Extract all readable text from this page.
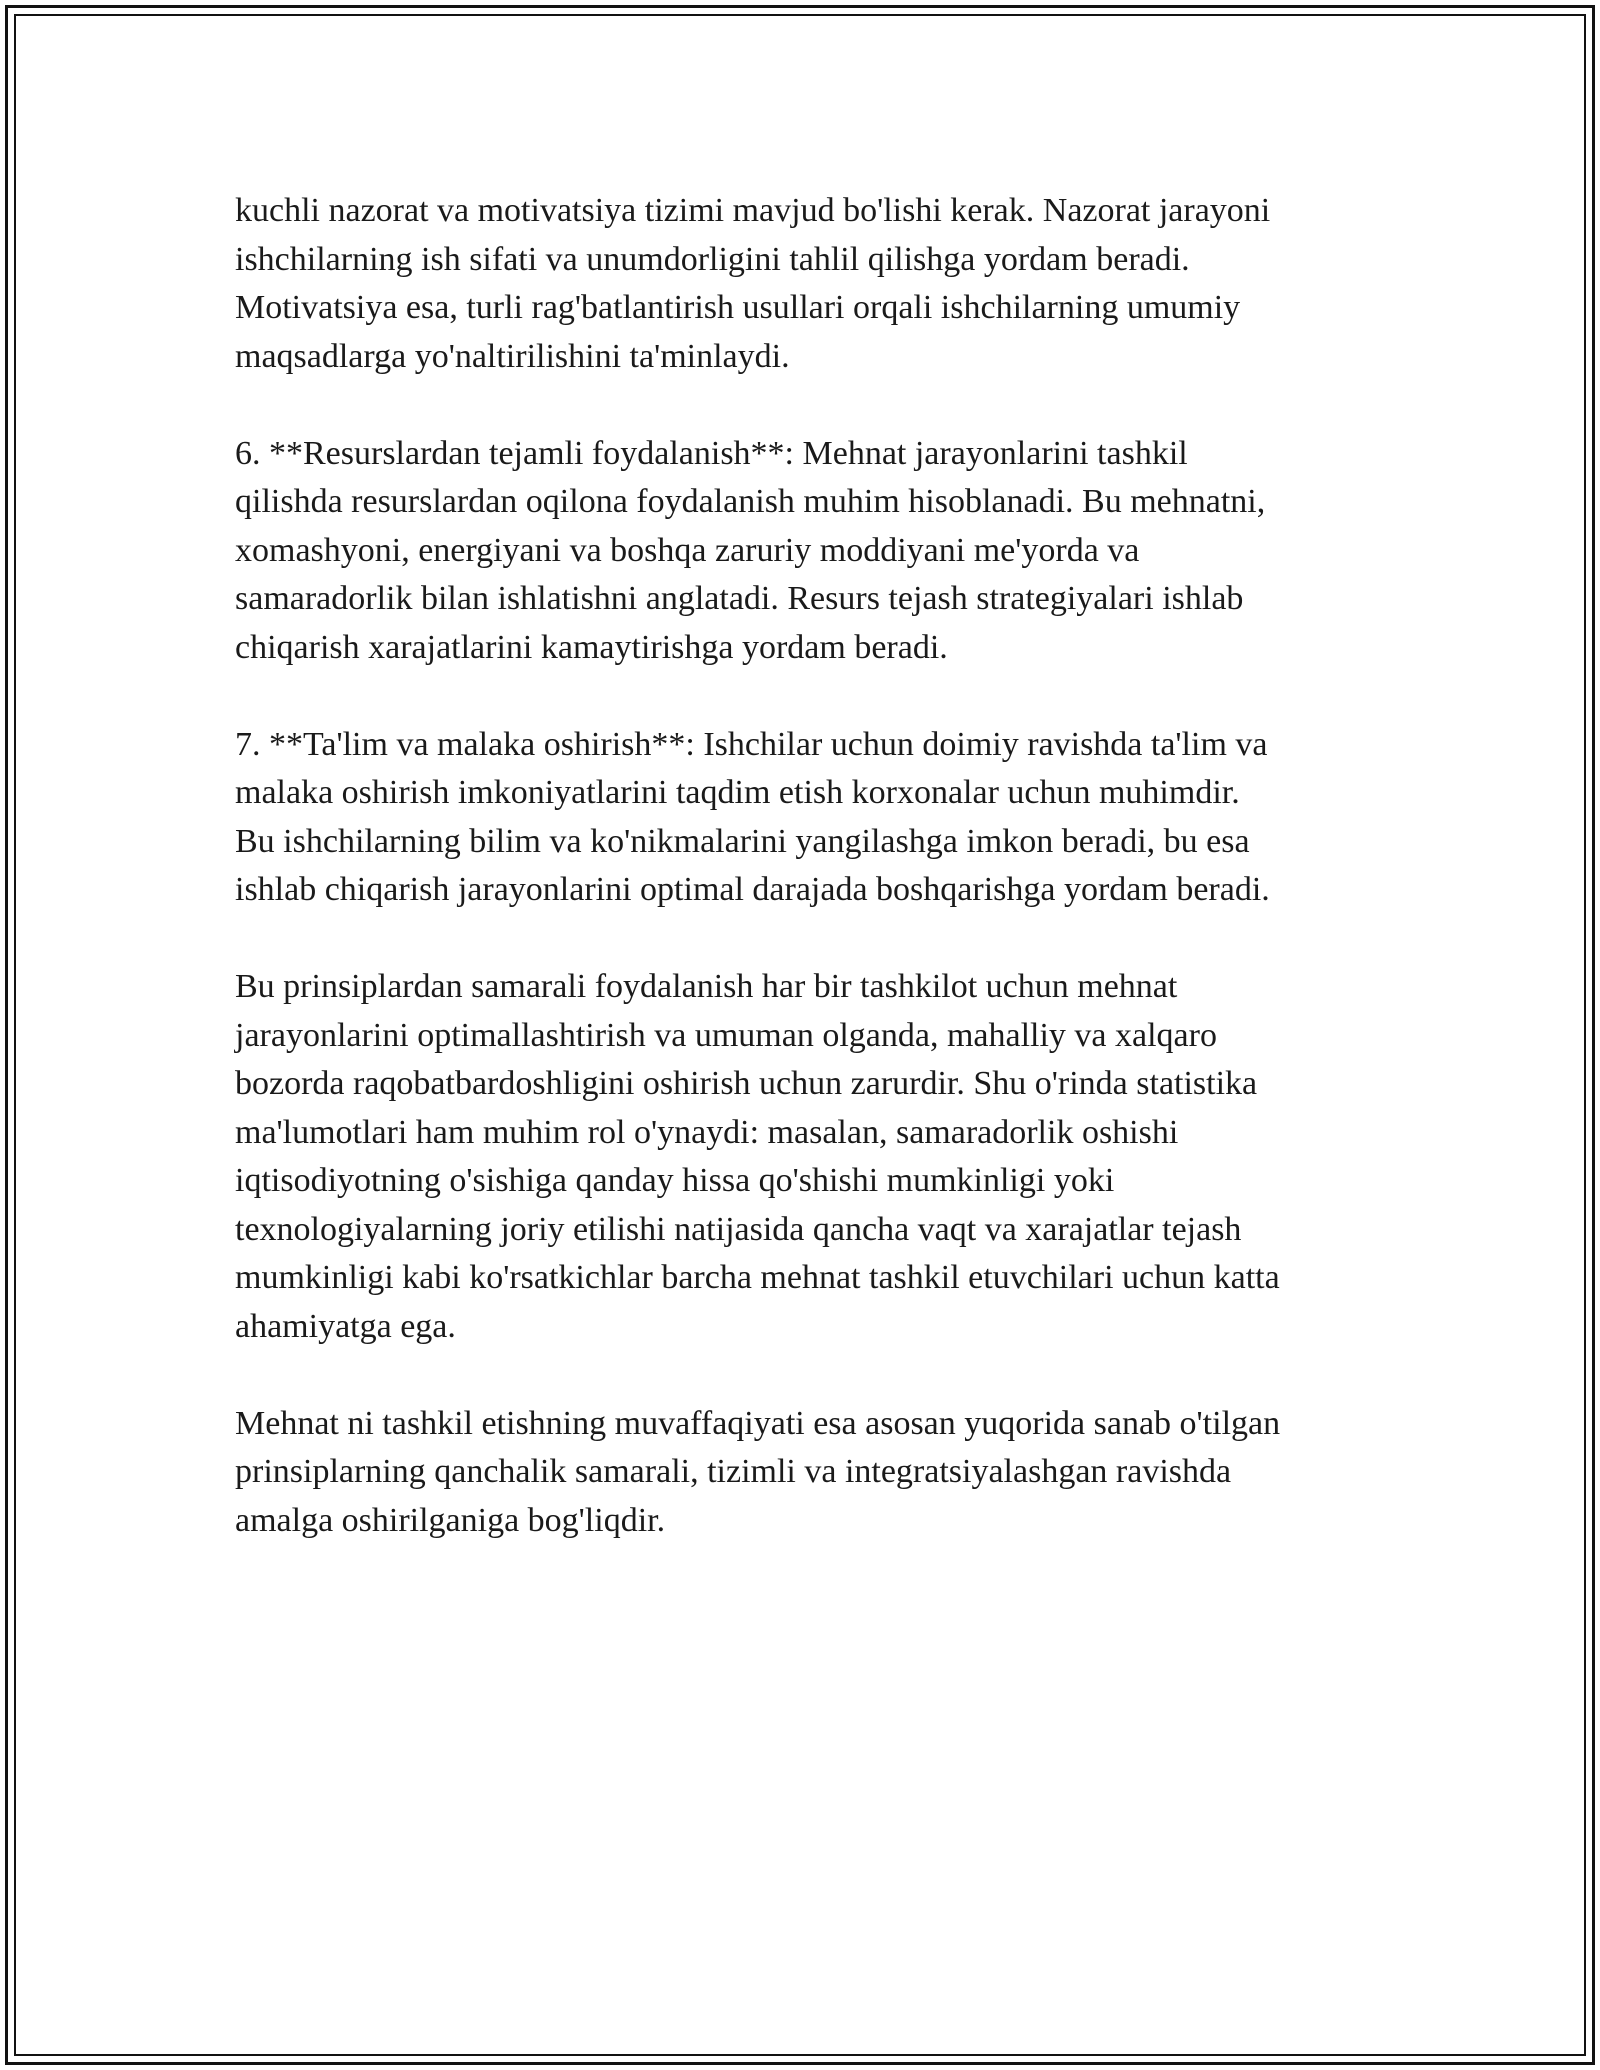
kuchli nazorat va motivatsiya tizimi mavjud bo'lishi kerak. Nazorat jarayoni
ishchilarning ish sifati va unumdorligini tahlil qilishga yordam beradi.
Motivatsiya esa, turli rag'batlantirish usullari orqali ishchilarning umumiy
maqsadlarga yo'naltirilishini ta'minlaydi.

6. **Resurslardan tejamli foydalanish**: Mehnat jarayonlarini tashkil
qilishda resurslardan oqilona foydalanish muhim hisoblanadi. Bu mehnatni,
xomashyoni, energiyani va boshqa zaruriy moddiyani me'yorda va
samaradorlik bilan ishlatishni anglatadi. Resurs tejash strategiyalari ishlab
chiqarish xarajatlarini kamaytirishga yordam beradi.

7. **Ta'lim va malaka oshirish**: Ishchilar uchun doimiy ravishda ta'lim va
malaka oshirish imkoniyatlarini taqdim etish korxonalar uchun muhimdir.
Bu ishchilarning bilim va ko'nikmalarini yangilashga imkon beradi, bu esa
ishlab chiqarish jarayonlarini optimal darajada boshqarishga yordam beradi.

Bu prinsiplardan samarali foydalanish har bir tashkilot uchun mehnat
jarayonlarini optimallashtirish va umuman olganda, mahalliy va xalqaro
bozorda raqobatbardoshligini oshirish uchun zarurdir. Shu o'rinda statistika
ma'lumotlari ham muhim rol o'ynaydi: masalan, samaradorlik oshishi
iqtisodiyotning o'sishiga qanday hissa qo'shishi mumkinligi yoki
texnologiyalarning joriy etilishi natijasida qancha vaqt va xarajatlar tejash
mumkinligi kabi ko'rsatkichlar barcha mehnat tashkil etuvchilari uchun katta
ahamiyatga ega.

Mehnat ni tashkil etishning muvaffaqiyati esa asosan yuqorida sanab o'tilgan
prinsiplarning qanchalik samarali, tizimli va integratsiyalashgan ravishda
amalga oshirilganiga bog'liqdir.
